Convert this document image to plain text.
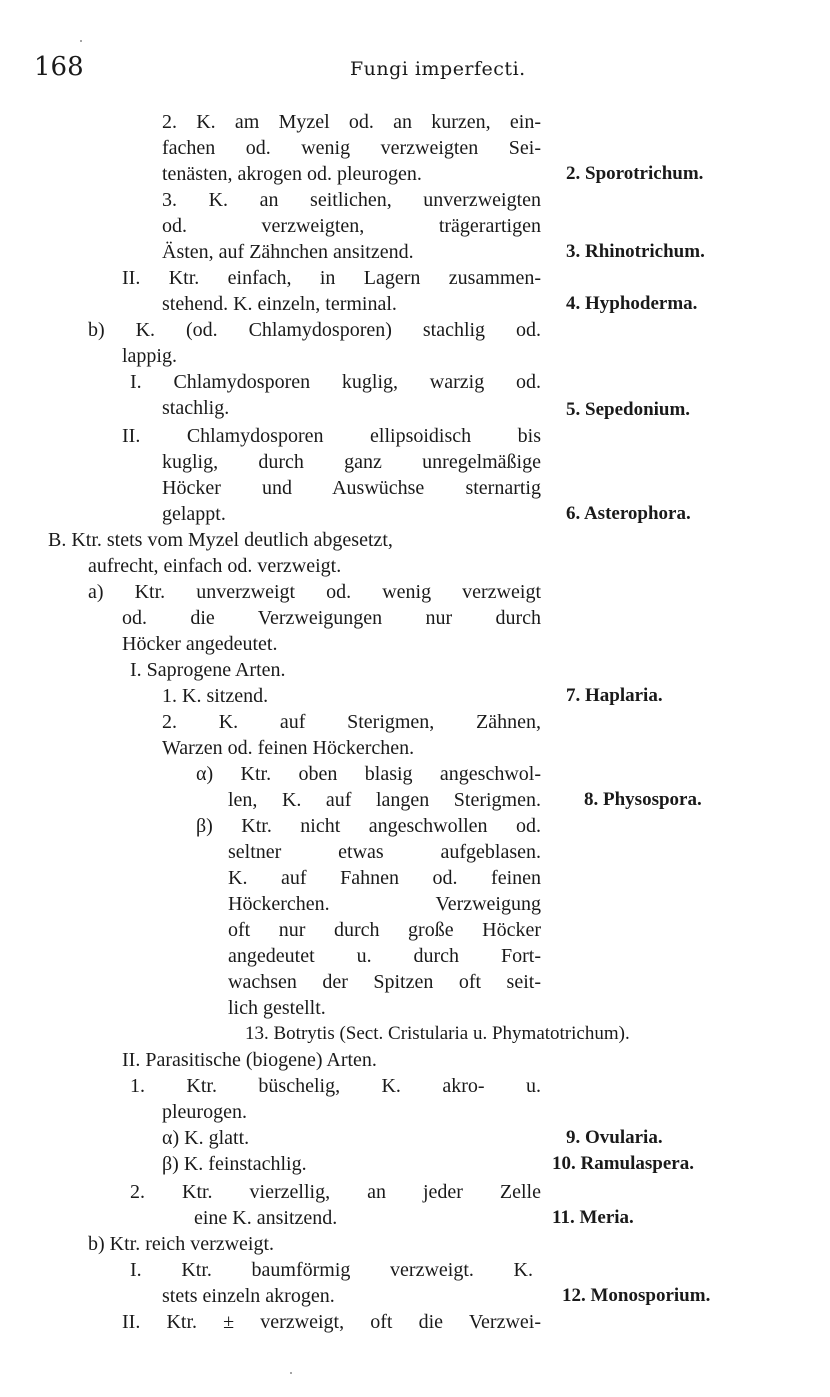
168	Fungi imperfecti.
2. K. am Myzel od. an kurzen, ein-
fachen od. wenig verzweigten Sei-
tenästen, akrogen od. pleurogen.
3. K. an seitlichen, unverzweigten
od. verzweigten, trägerartigen
Ästen, auf Zähnchen ansitzend.
II. Ktr. einfach, in Lagern zusammen-
stehend. K. einzeln, terminal.
b) K. (od. Chlamydosporen) stachlig od.
lappig.
I. Chlamydosporen kuglig, warzig od.
stachlig.
II. Chlamydosporen ellipsoidisch bis
kuglig, durch ganz unregelmäßige
Höcker und Auswüchse sternartig
gelappt.
B. Ktr. stets vom Myzel deutlich abgesetzt,
aufrecht, einfach od. verzweigt.
a) Ktr. unverzweigt od. wenig verzweigt
od. die Verzweigungen nur durch
Höcker angedeutet.
I. Saprogene Arten.
1. K. sitzend.
2. K. auf Sterigmen, Zähnen,
Warzen od. feinen Höckerchen.
α) Ktr. oben blasig angeschwol-
len, K. auf langen Sterigmen.
β) Ktr. nicht angeschwollen od.
seltner etwas aufgeblasen.
K. auf Fahnen od. feinen
Höckerchen. Verzweigung
oft nur durch große Höcker
angedeutet u. durch Fort-
wachsen der Spitzen oft seit-
lich gestellt.
13. Botrytis (Sect. Cristularia u. Phymatotrichum).
II. Parasitische (biogene) Arten.
1. Ktr. büschelig, K. akro- u.
pleurogen.
α) K. glatt.
β) K. feinstachlig.
2. Ktr. vierzellig, an jeder Zelle
eine K. ansitzend.
b) Ktr. reich verzweigt.
I. Ktr. baumförmig verzweigt. K.
stets einzeln akrogen.
II. Ktr. ± verzweigt, oft die Verzwei-
2. Sporotrichum.
3. Rhinotrichum.
4. Hyphoderma.
5. Sepedonium.
6. Asterophora.
7. Haplaria.
8. Physospora.
9. Ovularia.
10. Ramulaspera.
11. Meria.
12. Monosporium.
